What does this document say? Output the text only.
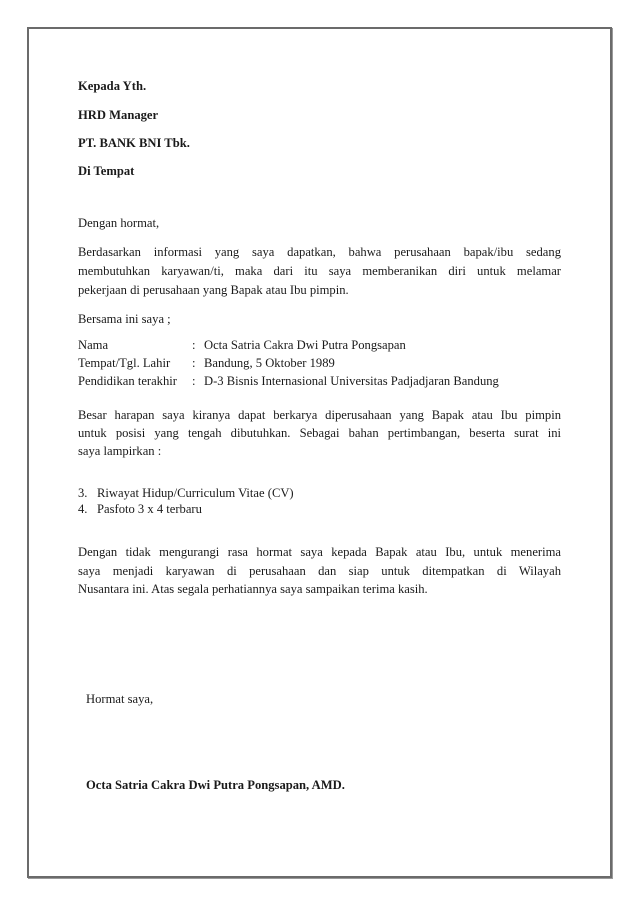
Kepada Yth.
HRD Manager
PT. BANK BNI Tbk.
Di Tempat
Dengan hormat,
Berdasarkan informasi yang saya dapatkan, bahwa perusahaan bapak/ibu sedang
membutuhkan karyawan/ti, maka dari itu saya memberanikan diri untuk melamar
pekerjaan di perusahaan yang Bapak atau Ibu pimpin.
Bersama ini saya ;
Nama	: Octa Satria Cakra Dwi Putra Pongsapan
Tempat/Tgl. Lahir : Bandung, 5 Oktober 1989
Pendidikan terakhir : D-3 Bisnis Internasional Universitas Padjadjaran Bandung
Besar harapan saya kiranya dapat berkarya diperusahaan yang Bapak atau Ibu pimpin
untuk posisi yang tengah dibutuhkan. Sebagai bahan pertimbangan, beserta surat ini
saya lampirkan :
3. Riwayat Hidup/Curriculum Vitae (CV)
4. Pasfoto 3 x 4 terbaru
Dengan tidak mengurangi rasa hormat saya kepada Bapak atau Ibu, untuk menerima
saya menjadi karyawan di perusahaan dan siap untuk ditempatkan di Wilayah
Nusantara ini. Atas segala perhatiannya saya sampaikan terima kasih.
Hormat saya,
Octa Satria Cakra Dwi Putra Pongsapan, AMD.
